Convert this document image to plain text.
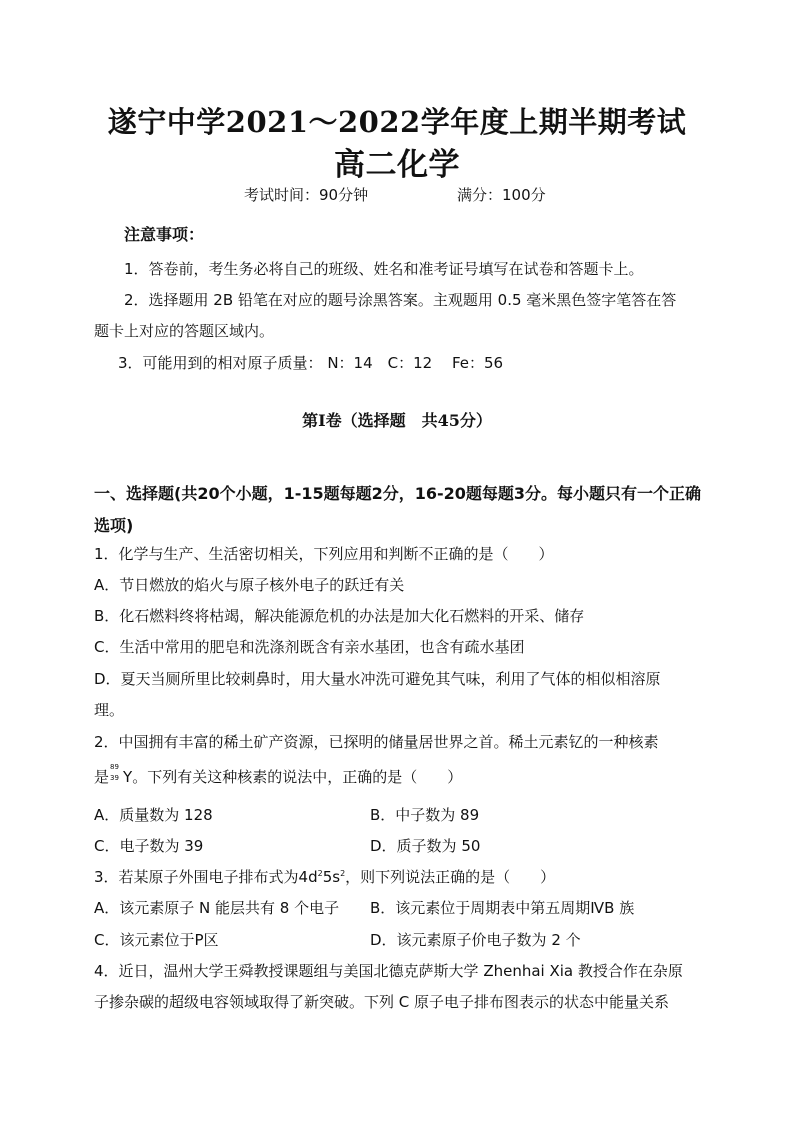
遂宁中学2021～2022学年度上期半期考试
高二化学
考试时间：90分钟	满分：100分
注意事项：
1．答卷前，考生务必将自己的班级、姓名和准考证号填写在试卷和答题卡上。
2．选择题用 2B 铅笔在对应的题号涂黑答案。主观题用 0.5 毫米黑色签字笔答在答
题卡上对应的答题区域内。
3．可能用到的相对原子质量： N：14　C：12　 Fe：56
第Ⅰ卷（选择题　共45分）
一、选择题(共20个小题，1-15题每题2分，16-20题每题3分。每小题只有一个正确
选项)
1．化学与生产、生活密切相关，下列应用和判断不正确的是（　　）
A．节日燃放的焰火与原子核外电子的跃迁有关
B．化石燃料终将枯竭，解决能源危机的办法是加大化石燃料的开采、储存
C．生活中常用的肥皂和洗涤剂既含有亲水基团，也含有疏水基团
D．夏天当厕所里比较刺鼻时，用大量水冲洗可避免其气味，利用了气体的相似相溶原
理。
2．中国拥有丰富的稀土矿产资源，已探明的储量居世界之首。稀土元素钇的一种核素
是
89
39 Y。下列有关这种核素的说法中，正确的是（　　）
A．质量数为 128	B．中子数为 89
C．电子数为 39	D．质子数为 50
3．若某原子外围电子排布式为$4d^25s^2$，则下列说法正确的是（　　）
A．该元素原子 N 能层共有 8 个电子 B．该元素位于周期表中第五周期ⅣB 族
C．该元素位于P区	D．该元素原子价电子数为 2 个
4．近日，温州大学王舜教授课题组与美国北德克萨斯大学 Zhenhai Xia 教授合作在杂原
子掺杂碳的超级电容领域取得了新突破。下列 C 原子电子排布图表示的状态中能量关系
